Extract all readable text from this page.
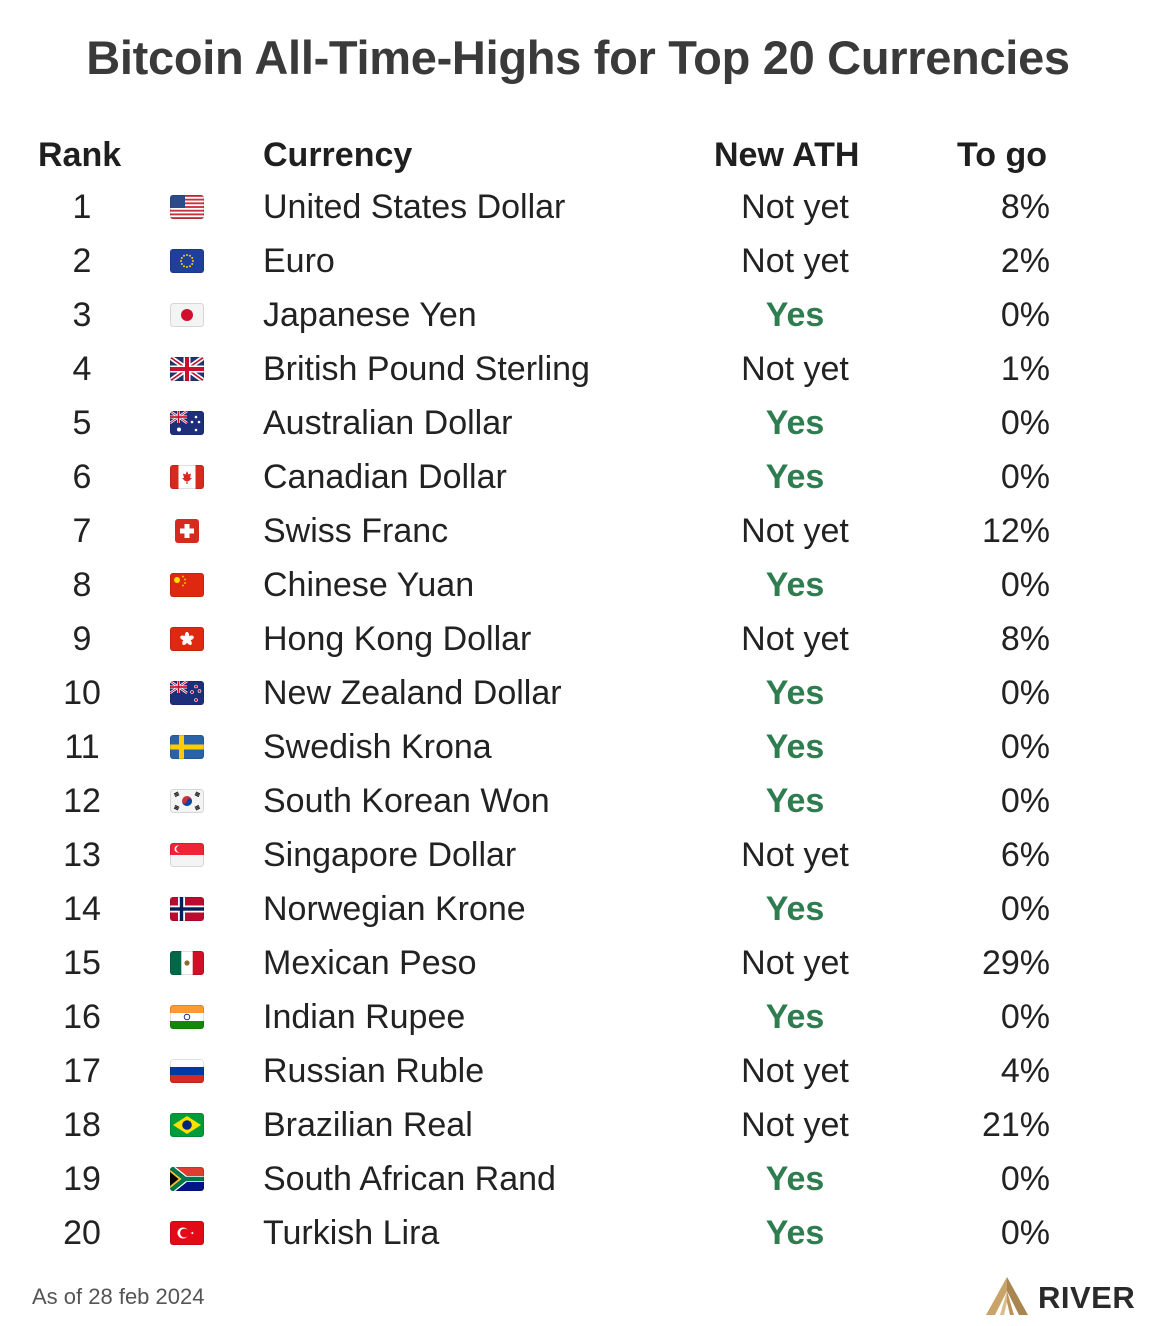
Bitcoin All-Time-Highs for Top 20 Currencies
Rank	Currency	New ATH	To go
1	United States Dollar	Not yet	8%
2	Euro	Not yet	2%
3	Japanese Yen	Yes	0%
4	British Pound Sterling	Not yet	1%
5	Australian Dollar	Yes	0%
6	Canadian Dollar	Yes	0%
7	Swiss Franc	Not yet	12%
8	Chinese Yuan	Yes	0%
9	Hong Kong Dollar	Not yet	8%
10	New Zealand Dollar	Yes	0%
11	Swedish Krona	Yes	0%
12	South Korean Won	Yes	0%
13	Singapore Dollar	Not yet	6%
14	Norwegian Krone	Yes	0%
15	Mexican Peso	Not yet	29%
16	Indian Rupee	Yes	0%
17	Russian Ruble	Not yet	4%
18	Brazilian Real	Not yet	21%
19	South African Rand	Yes	0%
20	Turkish Lira	Yes	0%
As of 28 feb 2024	RIVER
